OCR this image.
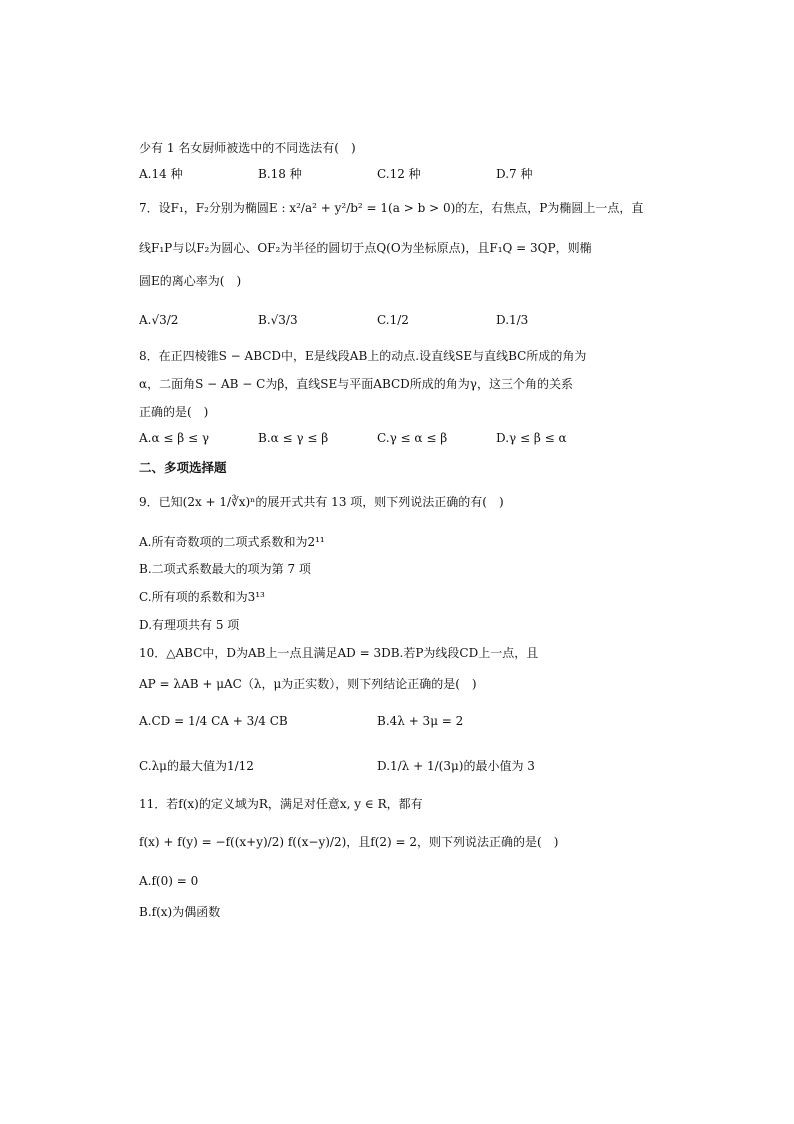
少有 1 名女厨师被选中的不同选法有(　)
A.14 种	B.18 种	C.12 种	D.7 种
7．设F₁，F₂分别为椭圆E : x²/a² + y²/b² = 1(a > b > 0)的左，右焦点，P为椭圆上一点，直
线F₁P与以F₂为圆心、OF₂为半径的圆切于点Q(O为坐标原点)，且F₁Q = 3QP，则椭
圆E的离心率为(　)
A.√3/2	B.√3/3	C.1/2	D.1/3
8．在正四棱锥S − ABCD中，E是线段AB上的动点.设直线SE与直线BC所成的角为
α，二面角S − AB − C为β，直线SE与平面ABCD所成的角为γ，这三个角的关系
正确的是(　)
A.α ≤ β ≤ γ	B.α ≤ γ ≤ β	C.γ ≤ α ≤ β	D.γ ≤ β ≤ α
二、多项选择题
9．已知(2x + 1/∛x)ⁿ的展开式共有 13 项，则下列说法正确的有(　)
A.所有奇数项的二项式系数和为2¹¹
B.二项式系数最大的项为第 7 项
C.所有项的系数和为3¹³
D.有理项共有 5 项
10．△ABC中，D为AB上一点且满足AD = 3DB.若P为线段CD上一点，且
AP = λAB + μAC（λ，μ为正实数），则下列结论正确的是(　)
A.CD = 1/4 CA + 3/4 CB	B.4λ + 3μ = 2
C.λμ的最大值为1/12	D.1/λ + 1/(3μ)的最小值为 3
11．若f(x)的定义域为R，满足对任意x, y ∈ R，都有
f(x) + f(y) = −f((x+y)/2) f((x−y)/2)，且f(2) = 2，则下列说法正确的是(　)
A.f(0) = 0
B.f(x)为偶函数
